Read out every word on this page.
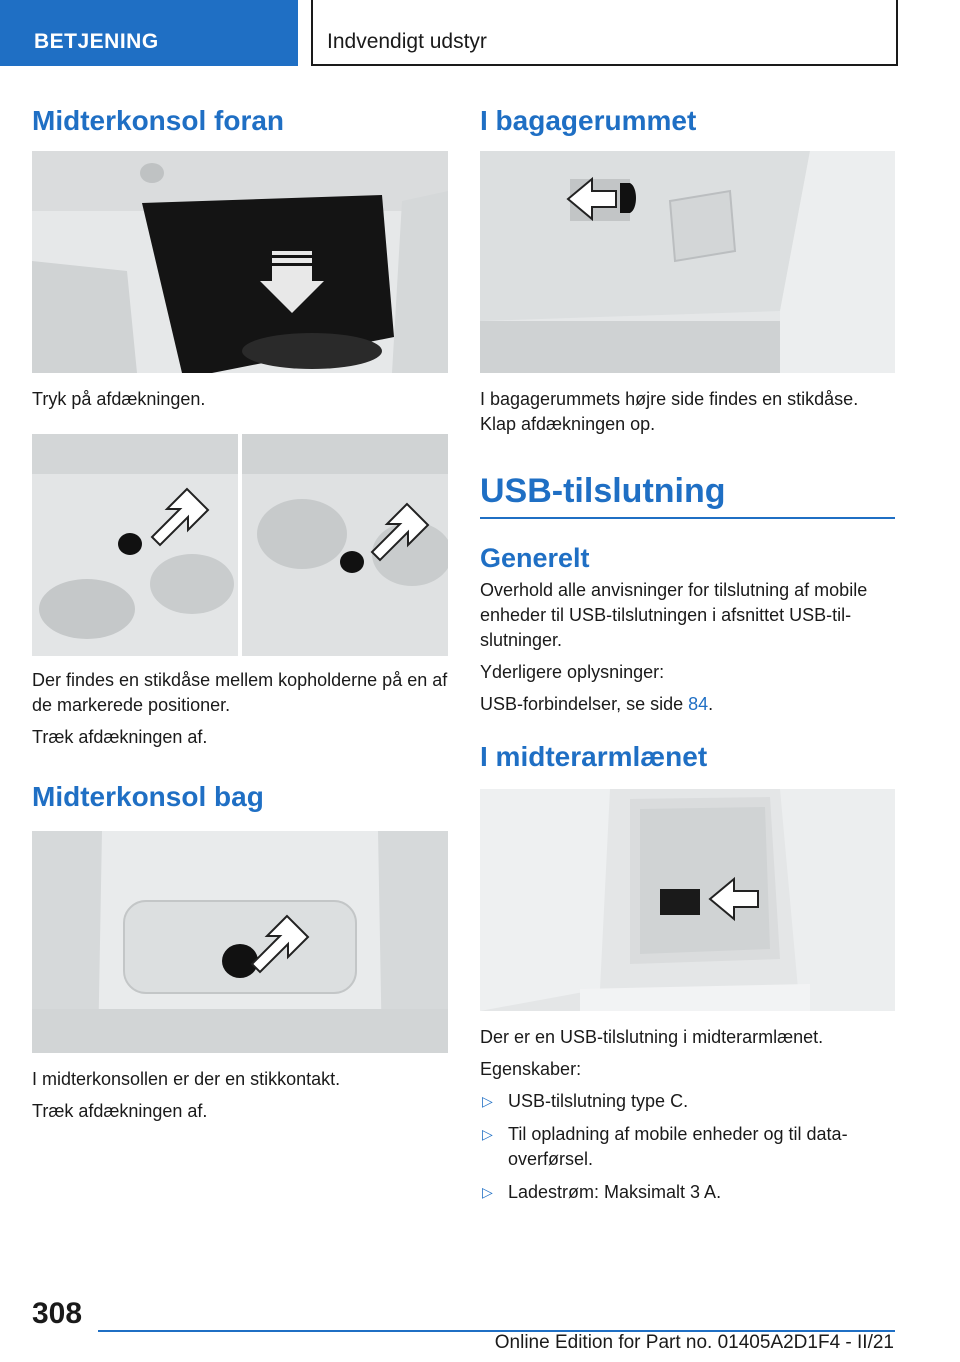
BETJENING	Indvendigt udstyr
Midterkonsol foran

Tryk på afdækningen.

Der findes en stikdåse mellem kopholderne på en af de markerede positioner.

Træk afdækningen af.

Midterkonsol bag

I midterkonsollen er der en stikkontakt.

Træk afdækningen af.

I bagagerummet

I bagagerummets højre side findes en stikdåse. Klap afdækningen op.

USB-tilslutning
Generelt

Overhold alle anvisninger for tilslutning af mobile enheder til USB-tilslutningen i afsnittet USB-tilslutninger.

Yderligere oplysninger:

USB-forbindelser, se side 84.

I midterarmlænet

Der er en USB-tilslutning i midterarmlænet.

Egenskaber:

▷ USB-tilslutning type C.
▷ Til opladning af mobile enheder og til dataoverførsel.
▷ Ladestrøm: Maksimalt 3 A.
308
Online Edition for Part no. 01405A2D1F4 - II/21
